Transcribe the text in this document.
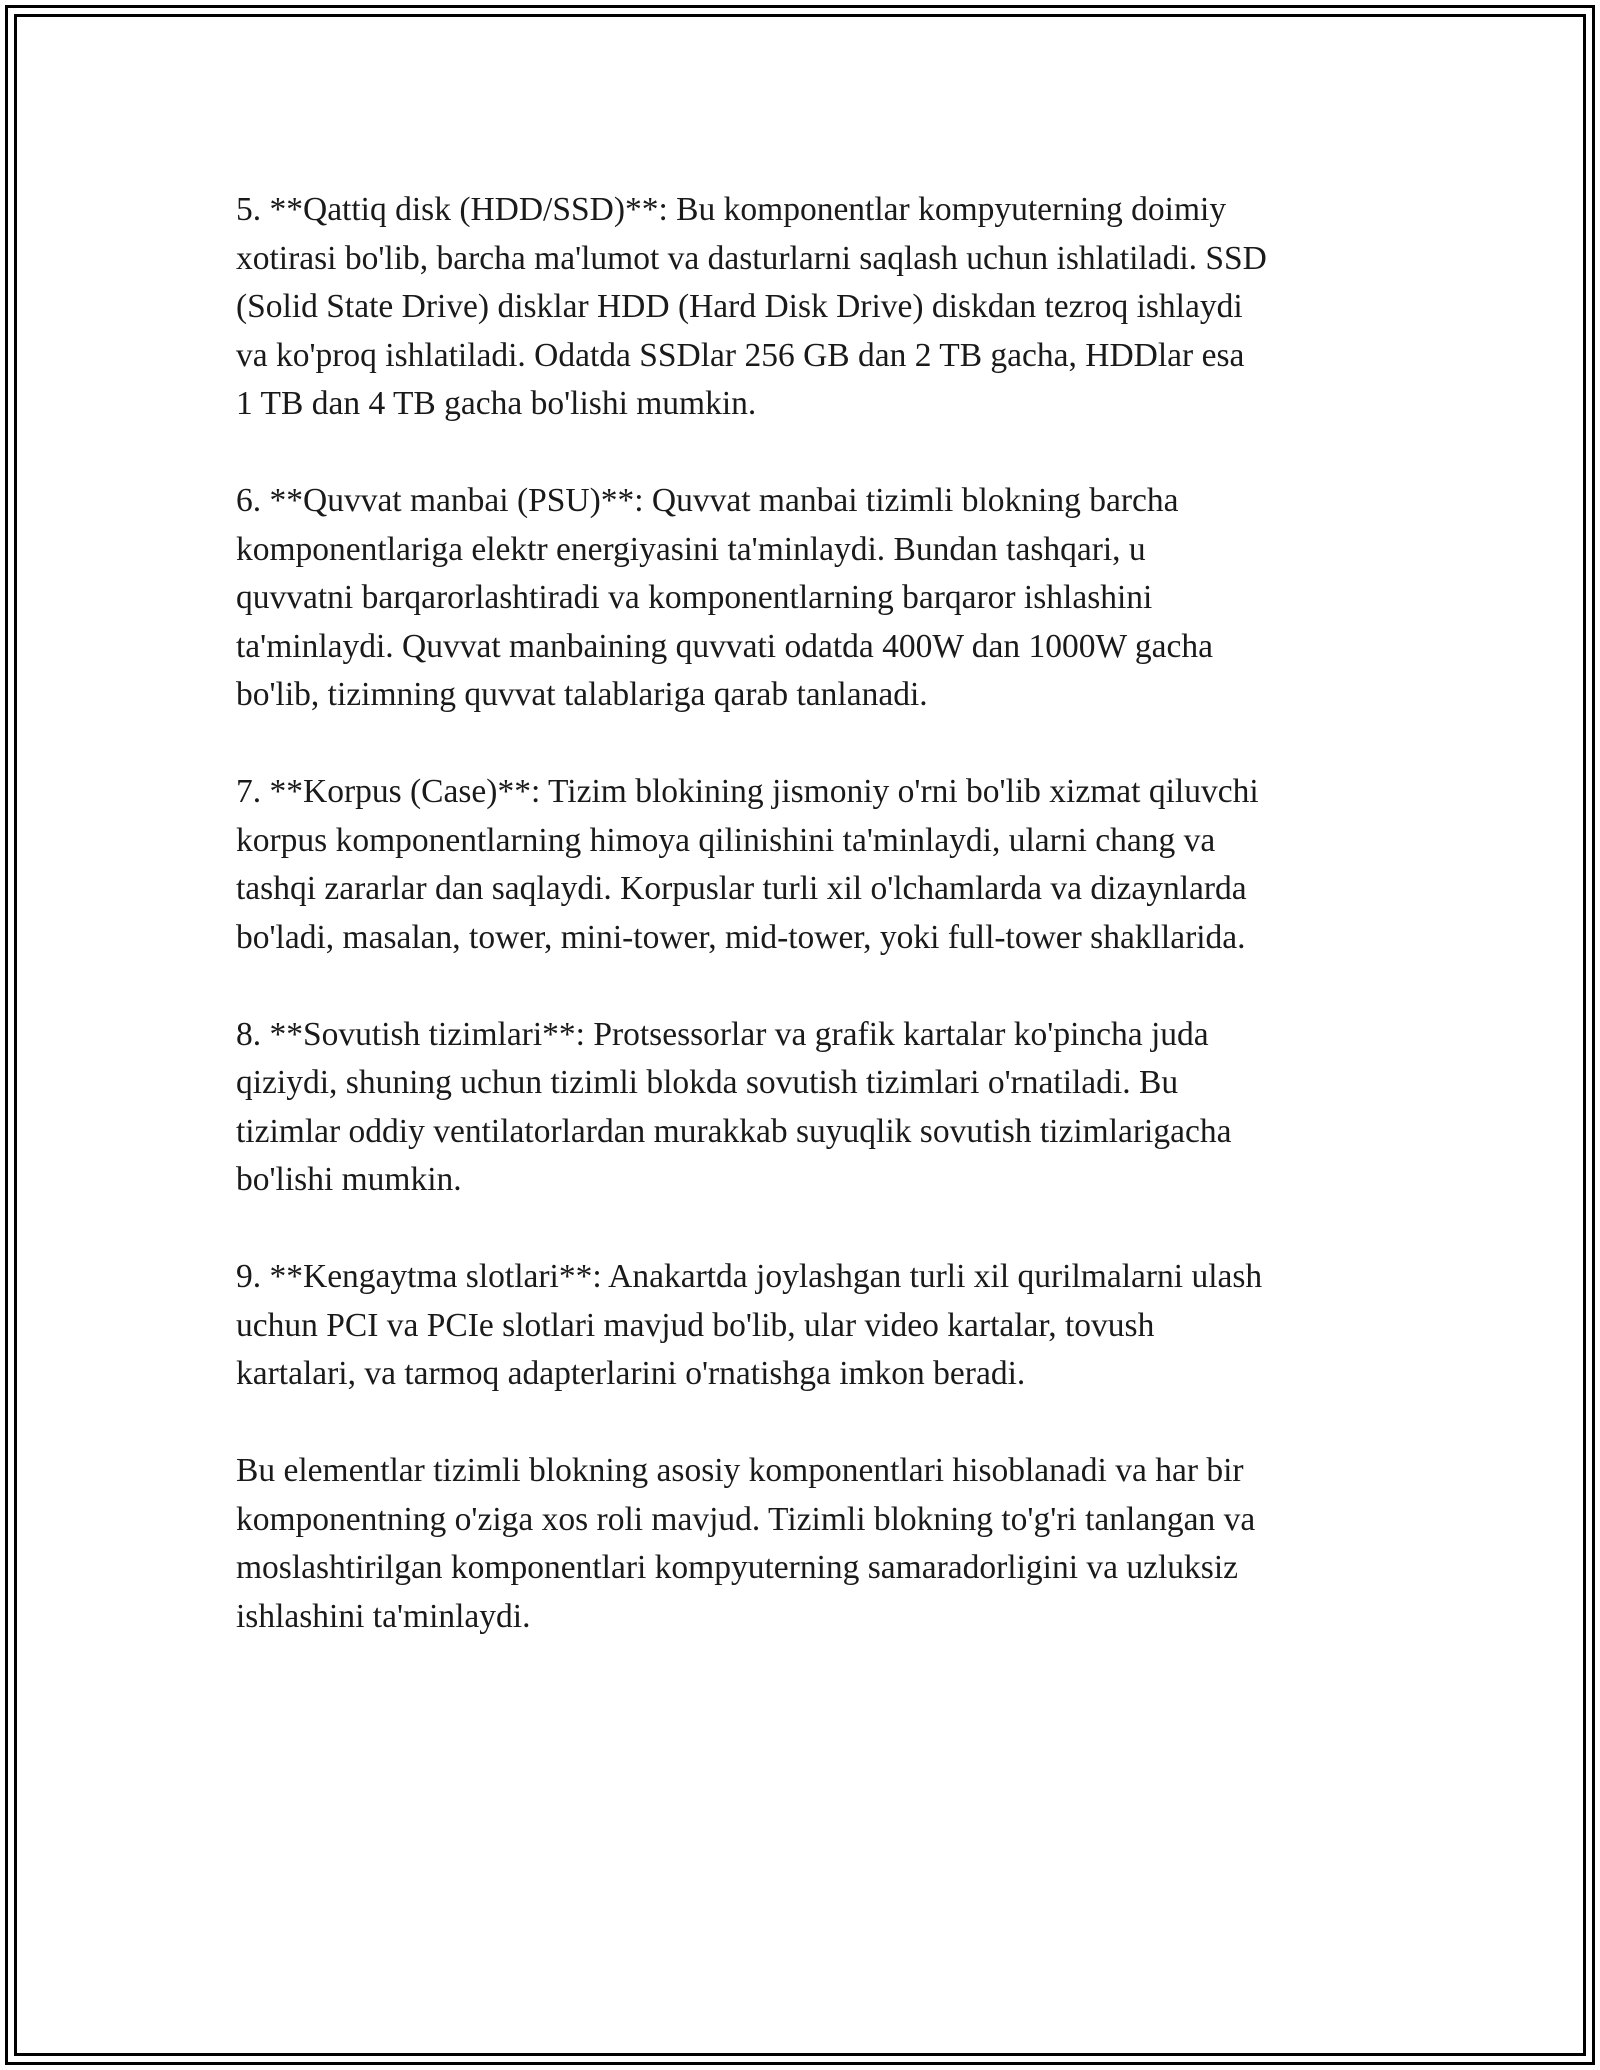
5. **Qattiq disk (HDD/SSD)**: Bu komponentlar kompyuterning doimiy
xotirasi bo'lib, barcha ma'lumot va dasturlarni saqlash uchun ishlatiladi. SSD
(Solid State Drive) disklar HDD (Hard Disk Drive) diskdan tezroq ishlaydi
va ko'proq ishlatiladi. Odatda SSDlar 256 GB dan 2 TB gacha, HDDlar esa
1 TB dan 4 TB gacha bo'lishi mumkin.

6. **Quvvat manbai (PSU)**: Quvvat manbai tizimli blokning barcha
komponentlariga elektr energiyasini ta'minlaydi. Bundan tashqari, u
quvvatni barqarorlashtiradi va komponentlarning barqaror ishlashini
ta'minlaydi. Quvvat manbaining quvvati odatda 400W dan 1000W gacha
bo'lib, tizimning quvvat talablariga qarab tanlanadi.

7. **Korpus (Case)**: Tizim blokining jismoniy o'rni bo'lib xizmat qiluvchi
korpus komponentlarning himoya qilinishini ta'minlaydi, ularni chang va
tashqi zararlar dan saqlaydi. Korpuslar turli xil o'lchamlarda va dizaynlarda
bo'ladi, masalan, tower, mini-tower, mid-tower, yoki full-tower shakllarida.

8. **Sovutish tizimlari**: Protsessorlar va grafik kartalar ko'pincha juda
qiziydi, shuning uchun tizimli blokda sovutish tizimlari o'rnatiladi. Bu
tizimlar oddiy ventilatorlardan murakkab suyuqlik sovutish tizimlarigacha
bo'lishi mumkin.

9. **Kengaytma slotlari**: Anakartda joylashgan turli xil qurilmalarni ulash
uchun PCI va PCIe slotlari mavjud bo'lib, ular video kartalar, tovush
kartalari, va tarmoq adapterlarini o'rnatishga imkon beradi.

Bu elementlar tizimli blokning asosiy komponentlari hisoblanadi va har bir
komponentning o'ziga xos roli mavjud. Tizimli blokning to'g'ri tanlangan va
moslashtirilgan komponentlari kompyuterning samaradorligini va uzluksiz
ishlashini ta'minlaydi.
